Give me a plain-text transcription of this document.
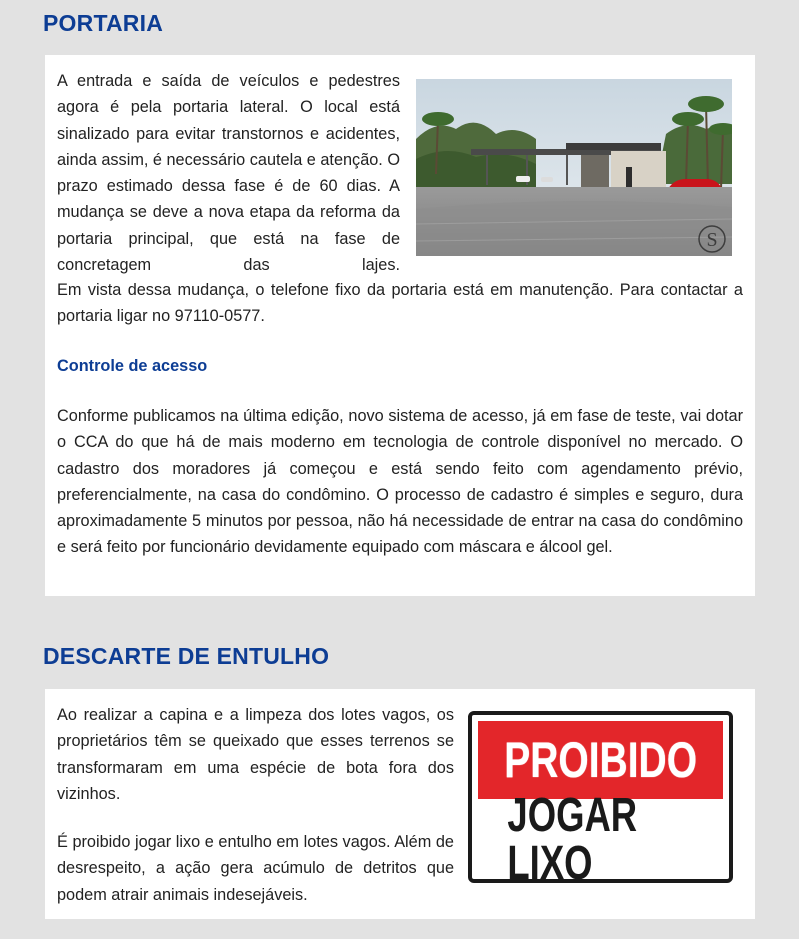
PORTARIA

A entrada e saída de veículos e pedestres agora é pela portaria lateral. O local está sinalizado para evitar transtornos e acidentes, ainda assim, é necessário cautela e atenção. O prazo estimado dessa fase é de 60 dias. A mudança se deve a nova etapa da reforma da portaria principal, que está na fase de concretagem das lajes.

S

Em vista dessa mudança, o telefone fixo da portaria está em manutenção. Para contactar a portaria ligar no 97110-0577.

Controle de acesso

Conforme publicamos na última edição, novo sistema de acesso, já em fase de teste, vai dotar o CCA do que há de mais moderno em tecnologia de controle disponível no mercado. O cadastro dos moradores já começou e está sendo feito com agendamento prévio, preferencialmente, na casa do condômino. O processo de cadastro é simples e seguro, dura aproximadamente 5 minutos por pessoa, não há necessidade de entrar na casa do condômino e será feito por funcionário devidamente equipado com máscara e álcool gel.

DESCARTE DE ENTULHO

Ao realizar a capina e a limpeza dos lotes vagos, os proprietários têm se queixado que esses terrenos se transformaram em uma espécie de bota fora dos vizinhos.

É proibido jogar lixo e entulho em lotes vagos. Além de desrespeito, a ação gera acúmulo de detritos que podem atrair animais indesejáveis.

PROIBIDO
JOGAR LIXO
